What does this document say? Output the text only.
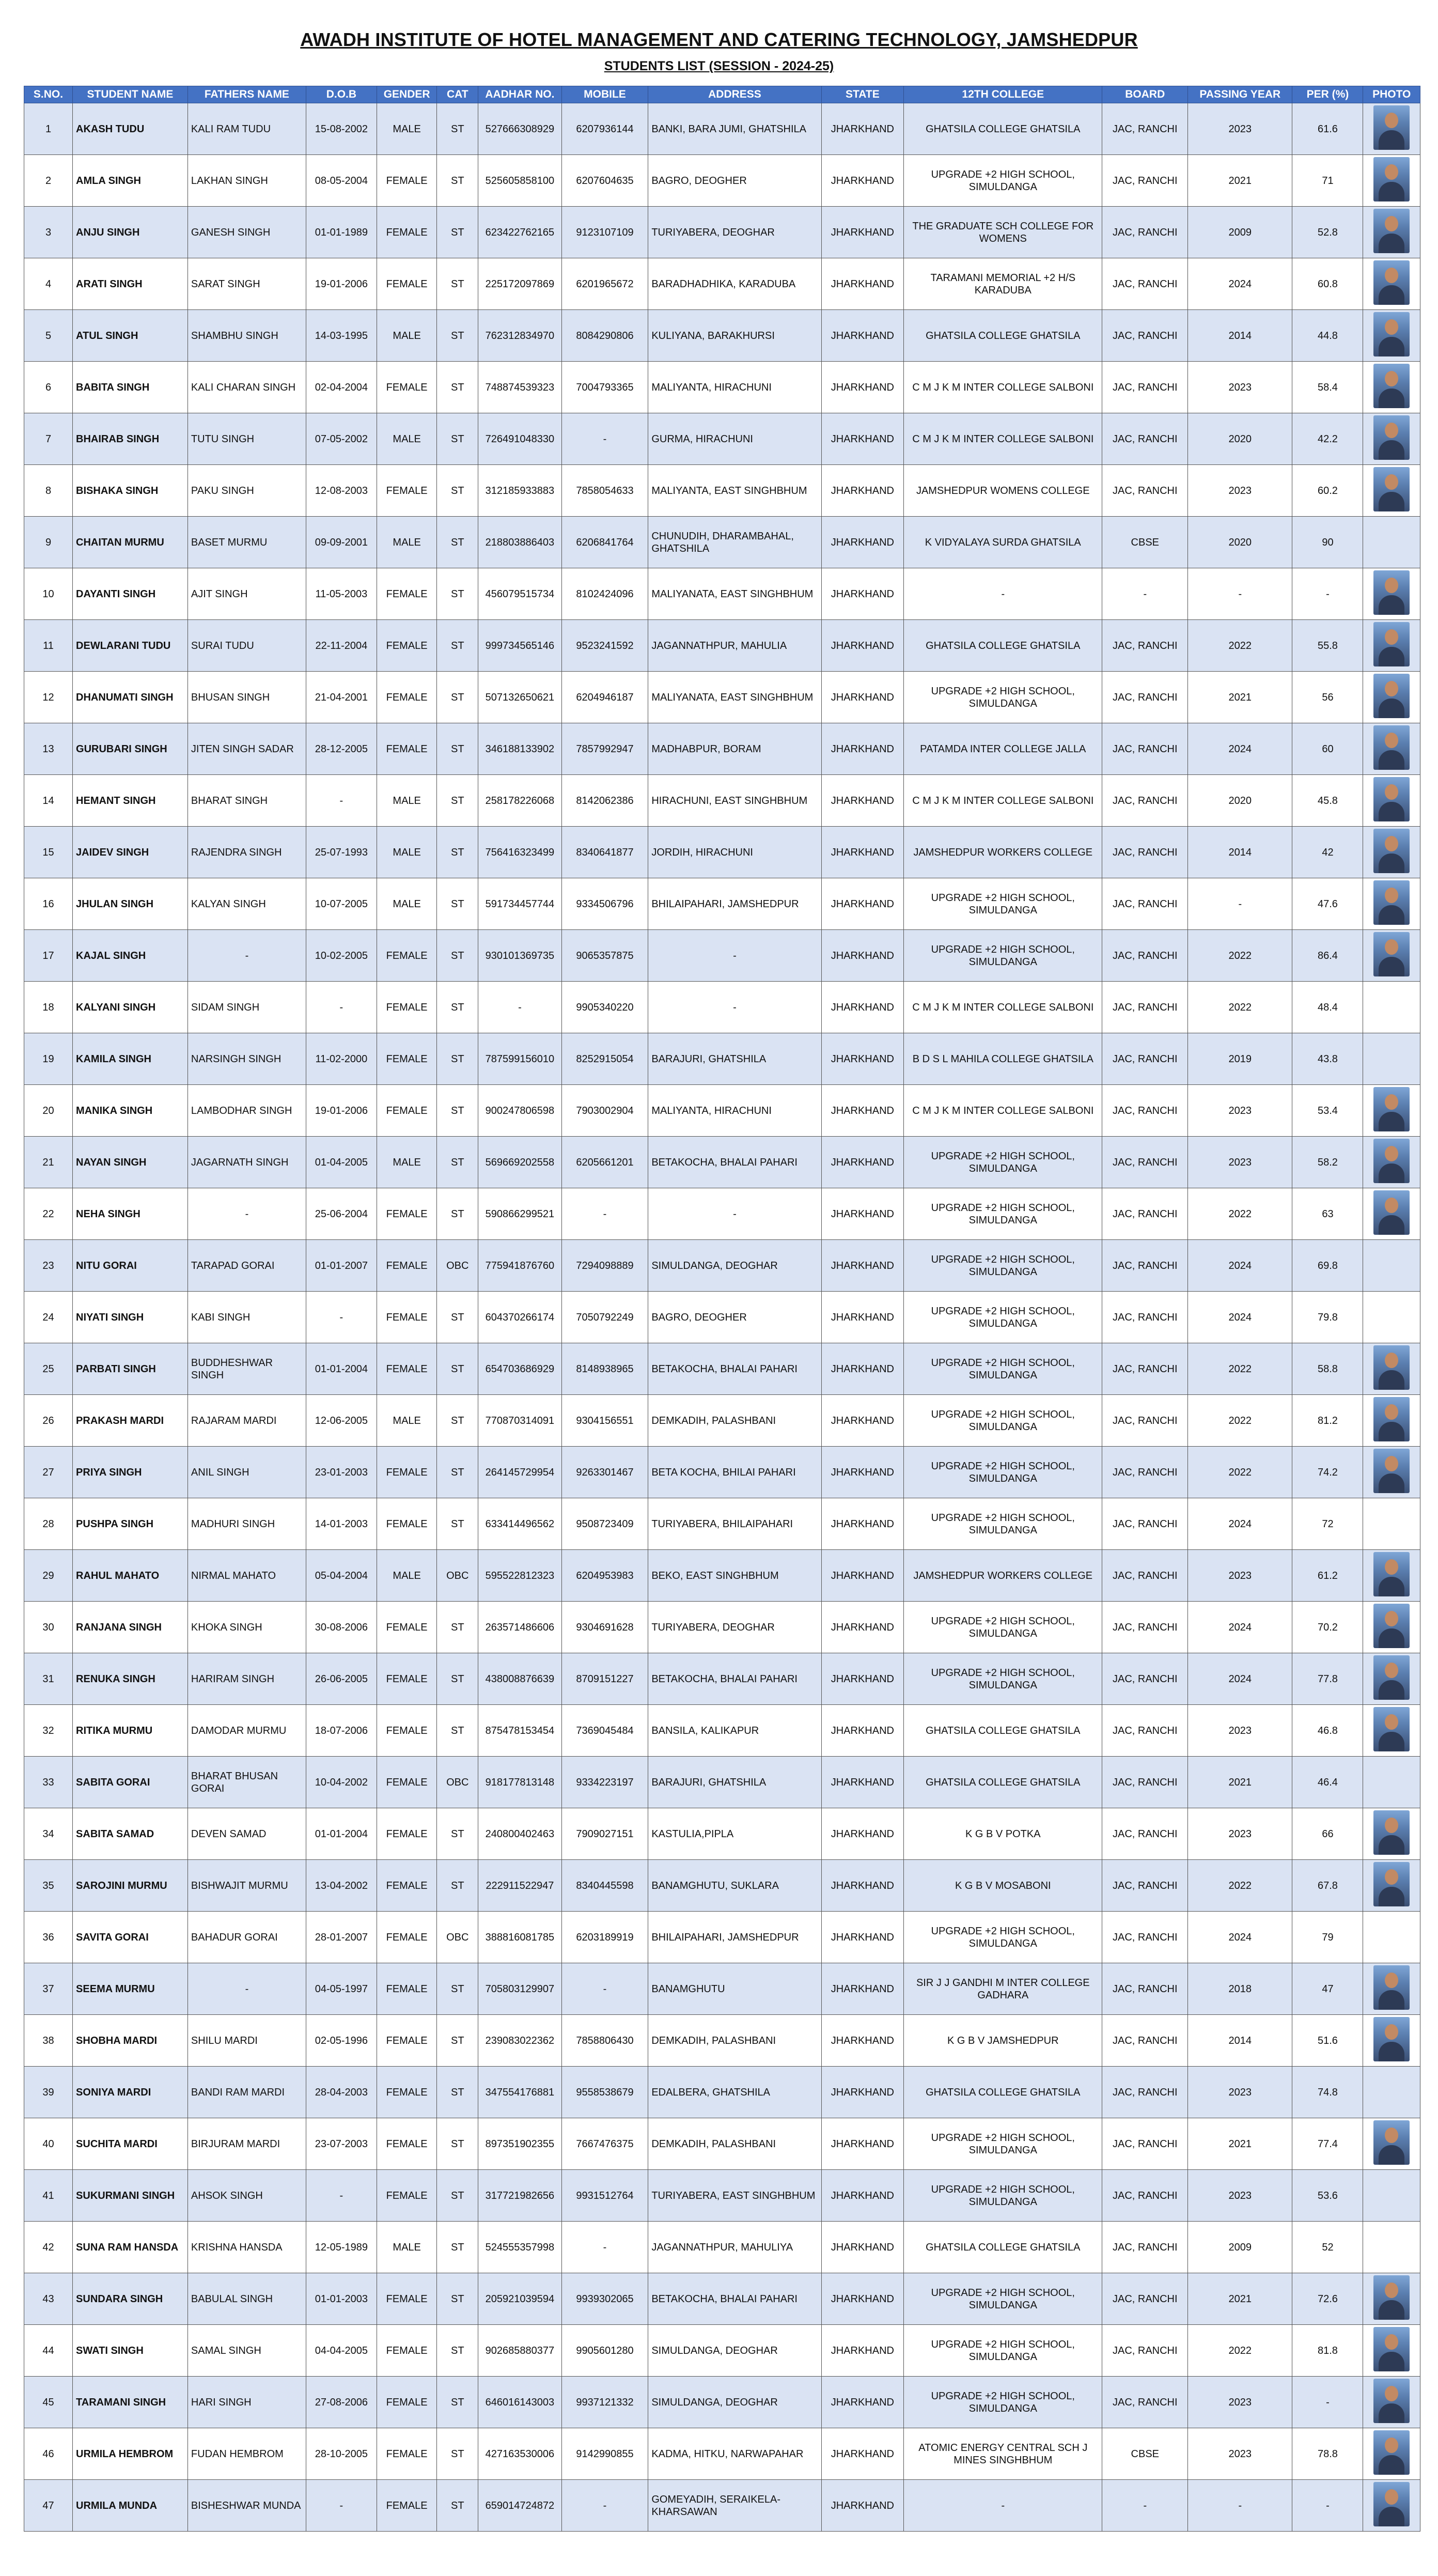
AWADH INSTITUTE OF HOTEL MANAGEMENT AND CATERING TECHNOLOGY, JAMSHEDPUR
STUDENTS LIST (SESSION - 2024-25)
S.NO.	STUDENT NAME	FATHERS NAME	D.O.B	GENDER	CAT	AADHAR NO.	MOBILE	ADDRESS	STATE	12TH COLLEGE	BOARD	PASSING YEAR	PER (%)	PHOTO
1	AKASH TUDU	KALI RAM TUDU	15-08-2002	MALE	ST	527666308929	6207936144	BANKI, BARA JUMI, GHATSHILA	JHARKHAND	GHATSILA COLLEGE GHATSILA	JAC, RANCHI	2023	61.6	
2	AMLA SINGH	LAKHAN SINGH	08-05-2004	FEMALE	ST	525605858100	6207604635	BAGRO, DEOGHER	JHARKHAND	UPGRADE +2 HIGH SCHOOL, SIMULDANGA	JAC, RANCHI	2021	71	
3	ANJU SINGH	GANESH SINGH	01-01-1989	FEMALE	ST	623422762165	9123107109	TURIYABERA, DEOGHAR	JHARKHAND	THE GRADUATE SCH COLLEGE FOR WOMENS	JAC, RANCHI	2009	52.8	
4	ARATI SINGH	SARAT SINGH	19-01-2006	FEMALE	ST	225172097869	6201965672	BARADHADHIKA, KARADUBA	JHARKHAND	TARAMANI MEMORIAL +2 H/S KARADUBA	JAC, RANCHI	2024	60.8	
5	ATUL SINGH	SHAMBHU SINGH	14-03-1995	MALE	ST	762312834970	8084290806	KULIYANA, BARAKHURSI	JHARKHAND	GHATSILA COLLEGE GHATSILA	JAC, RANCHI	2014	44.8	
6	BABITA SINGH	KALI CHARAN SINGH	02-04-2004	FEMALE	ST	748874539323	7004793365	MALIYANTA, HIRACHUNI	JHARKHAND	C M J K M INTER COLLEGE SALBONI	JAC, RANCHI	2023	58.4	
7	BHAIRAB SINGH	TUTU SINGH	07-05-2002	MALE	ST	726491048330	-	GURMA, HIRACHUNI	JHARKHAND	C M J K M INTER COLLEGE SALBONI	JAC, RANCHI	2020	42.2	
8	BISHAKA SINGH	PAKU SINGH	12-08-2003	FEMALE	ST	312185933883	7858054633	MALIYANTA, EAST SINGHBHUM	JHARKHAND	JAMSHEDPUR WOMENS COLLEGE	JAC, RANCHI	2023	60.2	
9	CHAITAN MURMU	BASET MURMU	09-09-2001	MALE	ST	218803886403	6206841764	CHUNUDIH, DHARAMBAHAL, GHATSHILA	JHARKHAND	K VIDYALAYA SURDA GHATSILA	CBSE	2020	90	
10	DAYANTI SINGH	AJIT SINGH	11-05-2003	FEMALE	ST	456079515734	8102424096	MALIYANATA, EAST SINGHBHUM	JHARKHAND	-	-	-	-	
11	DEWLARANI TUDU	SURAI TUDU	22-11-2004	FEMALE	ST	999734565146	9523241592	JAGANNATHPUR, MAHULIA	JHARKHAND	GHATSILA COLLEGE GHATSILA	JAC, RANCHI	2022	55.8	
12	DHANUMATI SINGH	BHUSAN SINGH	21-04-2001	FEMALE	ST	507132650621	6204946187	MALIYANATA, EAST SINGHBHUM	JHARKHAND	UPGRADE +2 HIGH SCHOOL, SIMULDANGA	JAC, RANCHI	2021	56	
13	GURUBARI SINGH	JITEN SINGH SADAR	28-12-2005	FEMALE	ST	346188133902	7857992947	MADHABPUR, BORAM	JHARKHAND	PATAMDA INTER COLLEGE JALLA	JAC, RANCHI	2024	60	
14	HEMANT SINGH	BHARAT SINGH	-	MALE	ST	258178226068	8142062386	HIRACHUNI, EAST SINGHBHUM	JHARKHAND	C M J K M INTER COLLEGE SALBONI	JAC, RANCHI	2020	45.8	
15	JAIDEV SINGH	RAJENDRA SINGH	25-07-1993	MALE	ST	756416323499	8340641877	JORDIH, HIRACHUNI	JHARKHAND	JAMSHEDPUR WORKERS COLLEGE	JAC, RANCHI	2014	42	
16	JHULAN SINGH	KALYAN SINGH	10-07-2005	MALE	ST	591734457744	9334506796	BHILAIPAHARI, JAMSHEDPUR	JHARKHAND	UPGRADE +2 HIGH SCHOOL, SIMULDANGA	JAC, RANCHI	-	47.6	
17	KAJAL SINGH	-	10-02-2005	FEMALE	ST	930101369735	9065357875	-	JHARKHAND	UPGRADE +2 HIGH SCHOOL, SIMULDANGA	JAC, RANCHI	2022	86.4	
18	KALYANI SINGH	SIDAM SINGH	-	FEMALE	ST	-	9905340220	-	JHARKHAND	C M J K M INTER COLLEGE SALBONI	JAC, RANCHI	2022	48.4	
19	KAMILA SINGH	NARSINGH SINGH	11-02-2000	FEMALE	ST	787599156010	8252915054	BARAJURI, GHATSHILA	JHARKHAND	B D S L MAHILA COLLEGE GHATSILA	JAC, RANCHI	2019	43.8	
20	MANIKA SINGH	LAMBODHAR SINGH	19-01-2006	FEMALE	ST	900247806598	7903002904	MALIYANTA, HIRACHUNI	JHARKHAND	C M J K M INTER COLLEGE SALBONI	JAC, RANCHI	2023	53.4	
21	NAYAN SINGH	JAGARNATH SINGH	01-04-2005	MALE	ST	569669202558	6205661201	BETAKOCHA, BHALAI PAHARI	JHARKHAND	UPGRADE +2 HIGH SCHOOL, SIMULDANGA	JAC, RANCHI	2023	58.2	
22	NEHA SINGH	-	25-06-2004	FEMALE	ST	590866299521	-	-	JHARKHAND	UPGRADE +2 HIGH SCHOOL, SIMULDANGA	JAC, RANCHI	2022	63	
23	NITU GORAI	TARAPAD GORAI	01-01-2007	FEMALE	OBC	775941876760	7294098889	SIMULDANGA, DEOGHAR	JHARKHAND	UPGRADE +2 HIGH SCHOOL, SIMULDANGA	JAC, RANCHI	2024	69.8	
24	NIYATI SINGH	KABI SINGH	-	FEMALE	ST	604370266174	7050792249	BAGRO, DEOGHER	JHARKHAND	UPGRADE +2 HIGH SCHOOL, SIMULDANGA	JAC, RANCHI	2024	79.8	
25	PARBATI SINGH	BUDDHESHWAR SINGH	01-01-2004	FEMALE	ST	654703686929	8148938965	BETAKOCHA, BHALAI PAHARI	JHARKHAND	UPGRADE +2 HIGH SCHOOL, SIMULDANGA	JAC, RANCHI	2022	58.8	
26	PRAKASH MARDI	RAJARAM MARDI	12-06-2005	MALE	ST	770870314091	9304156551	DEMKADIH, PALASHBANI	JHARKHAND	UPGRADE +2 HIGH SCHOOL, SIMULDANGA	JAC, RANCHI	2022	81.2	
27	PRIYA SINGH	ANIL SINGH	23-01-2003	FEMALE	ST	264145729954	9263301467	BETA KOCHA, BHILAI PAHARI	JHARKHAND	UPGRADE +2 HIGH SCHOOL, SIMULDANGA	JAC, RANCHI	2022	74.2	
28	PUSHPA SINGH	MADHURI SINGH	14-01-2003	FEMALE	ST	633414496562	9508723409	TURIYABERA, BHILAIPAHARI	JHARKHAND	UPGRADE +2 HIGH SCHOOL, SIMULDANGA	JAC, RANCHI	2024	72	
29	RAHUL MAHATO	NIRMAL MAHATO	05-04-2004	MALE	OBC	595522812323	6204953983	BEKO, EAST SINGHBHUM	JHARKHAND	JAMSHEDPUR WORKERS COLLEGE	JAC, RANCHI	2023	61.2	
30	RANJANA SINGH	KHOKA SINGH	30-08-2006	FEMALE	ST	263571486606	9304691628	TURIYABERA, DEOGHAR	JHARKHAND	UPGRADE +2 HIGH SCHOOL, SIMULDANGA	JAC, RANCHI	2024	70.2	
31	RENUKA SINGH	HARIRAM SINGH	26-06-2005	FEMALE	ST	438008876639	8709151227	BETAKOCHA, BHALAI PAHARI	JHARKHAND	UPGRADE +2 HIGH SCHOOL, SIMULDANGA	JAC, RANCHI	2024	77.8	
32	RITIKA MURMU	DAMODAR MURMU	18-07-2006	FEMALE	ST	875478153454	7369045484	BANSILA, KALIKAPUR	JHARKHAND	GHATSILA COLLEGE GHATSILA	JAC, RANCHI	2023	46.8	
33	SABITA GORAI	BHARAT BHUSAN GORAI	10-04-2002	FEMALE	OBC	918177813148	9334223197	BARAJURI, GHATSHILA	JHARKHAND	GHATSILA COLLEGE GHATSILA	JAC, RANCHI	2021	46.4	
34	SABITA SAMAD	DEVEN SAMAD	01-01-2004	FEMALE	ST	240800402463	7909027151	KASTULIA,PIPLA	JHARKHAND	K G B V POTKA	JAC, RANCHI	2023	66	
35	SAROJINI MURMU	BISHWAJIT MURMU	13-04-2002	FEMALE	ST	222911522947	8340445598	BANAMGHUTU, SUKLARA	JHARKHAND	K G B V MOSABONI	JAC, RANCHI	2022	67.8	
36	SAVITA GORAI	BAHADUR GORAI	28-01-2007	FEMALE	OBC	388816081785	6203189919	BHILAIPAHARI, JAMSHEDPUR	JHARKHAND	UPGRADE +2 HIGH SCHOOL, SIMULDANGA	JAC, RANCHI	2024	79	
37	SEEMA MURMU	-	04-05-1997	FEMALE	ST	705803129907	-	BANAMGHUTU	JHARKHAND	SIR J J GANDHI M INTER COLLEGE GADHARA	JAC, RANCHI	2018	47	
38	SHOBHA MARDI	SHILU MARDI	02-05-1996	FEMALE	ST	239083022362	7858806430	DEMKADIH, PALASHBANI	JHARKHAND	K G B V JAMSHEDPUR	JAC, RANCHI	2014	51.6	
39	SONIYA MARDI	BANDI RAM MARDI	28-04-2003	FEMALE	ST	347554176881	9558538679	EDALBERA, GHATSHILA	JHARKHAND	GHATSILA COLLEGE GHATSILA	JAC, RANCHI	2023	74.8	
40	SUCHITA MARDI	BIRJURAM MARDI	23-07-2003	FEMALE	ST	897351902355	7667476375	DEMKADIH, PALASHBANI	JHARKHAND	UPGRADE +2 HIGH SCHOOL, SIMULDANGA	JAC, RANCHI	2021	77.4	
41	SUKURMANI SINGH	AHSOK SINGH	-	FEMALE	ST	317721982656	9931512764	TURIYABERA, EAST SINGHBHUM	JHARKHAND	UPGRADE +2 HIGH SCHOOL, SIMULDANGA	JAC, RANCHI	2023	53.6	
42	SUNA RAM HANSDA	KRISHNA HANSDA	12-05-1989	MALE	ST	524555357998	-	JAGANNATHPUR, MAHULIYA	JHARKHAND	GHATSILA COLLEGE GHATSILA	JAC, RANCHI	2009	52	
43	SUNDARA SINGH	BABULAL SINGH	01-01-2003	FEMALE	ST	205921039594	9939302065	BETAKOCHA, BHALAI PAHARI	JHARKHAND	UPGRADE +2 HIGH SCHOOL, SIMULDANGA	JAC, RANCHI	2021	72.6	
44	SWATI SINGH	SAMAL SINGH	04-04-2005	FEMALE	ST	902685880377	9905601280	SIMULDANGA, DEOGHAR	JHARKHAND	UPGRADE +2 HIGH SCHOOL, SIMULDANGA	JAC, RANCHI	2022	81.8	
45	TARAMANI SINGH	HARI SINGH	27-08-2006	FEMALE	ST	646016143003	9937121332	SIMULDANGA, DEOGHAR	JHARKHAND	UPGRADE +2 HIGH SCHOOL, SIMULDANGA	JAC, RANCHI	2023	-	
46	URMILA HEMBROM	FUDAN HEMBROM	28-10-2005	FEMALE	ST	427163530006	9142990855	KADMA, HITKU, NARWAPAHAR	JHARKHAND	ATOMIC ENERGY CENTRAL SCH J MINES SINGHBHUM	CBSE	2023	78.8	
47	URMILA MUNDA	BISHESHWAR MUNDA	-	FEMALE	ST	659014724872	-	GOMEYADIH, SERAIKELA-KHARSAWAN	JHARKHAND	-	-	-	-	
